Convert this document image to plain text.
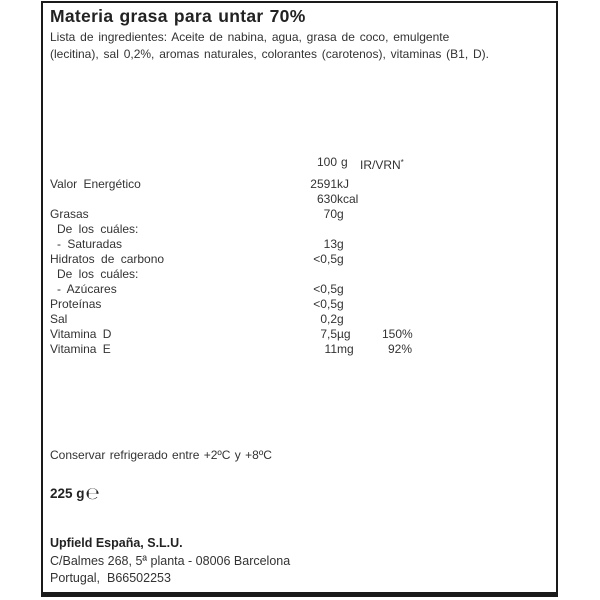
Materia grasa para untar 70%
Lista de ingredientes: Aceite de nabina, agua, grasa de coco, emulgente
(lecitina), sal 0,2%, aromas naturales, colorantes (carotenos), vitaminas (B1, D).
100 g	IR/VRN*
Valor Energético	2591 kJ
630 kcal
Grasas	70 g
De los cuáles:
- Saturadas	13 g
Hidratos de carbono	<0,5 g
De los cuáles:
- Azúcares	<0,5 g
Proteínas	<0,5 g
Sal	0,2 g
Vitamina D	7,5 µg	150%
Vitamina E	11 mg	92%
Conservar refrigerado entre +2ºC y +8ºC
225 g℮
Upfield España, S.L.U.
C/Balmes 268, 5ª planta - 08006 Barcelona
Portugal,  B66502253
